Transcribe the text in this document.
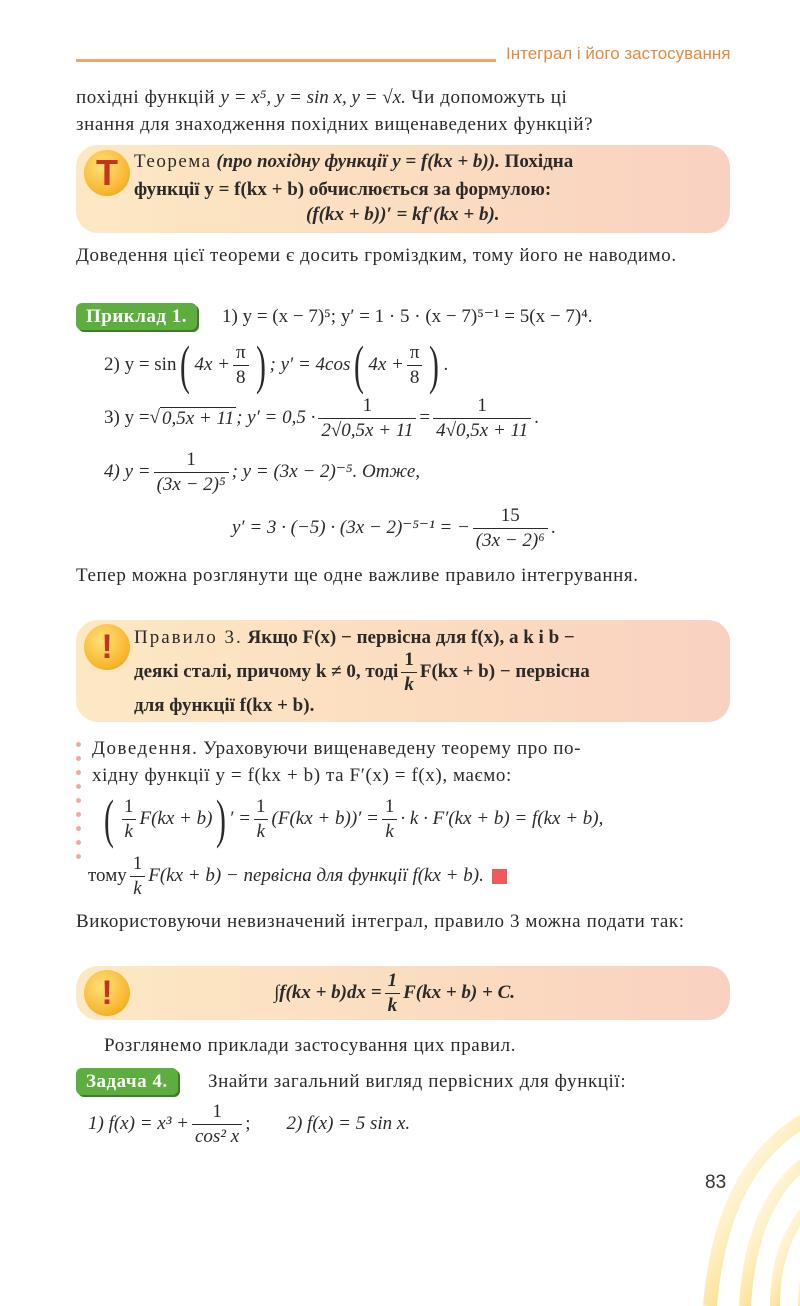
Інтеграл і його застосування
похідні функцій y = x⁵, y = sin x, y = √x. Чи допоможуть ці
знання для знаходження похідних вищенаведених функцій?
T Теорема (про похідну функції y = f(kx + b)). Похідна
функції y = f(kx + b) обчислюється за формулою:
(f(kx + b))′ = kf′(kx + b).
Доведення цієї теореми є досить громіздким, тому його не наводимо.
Приклад 1.	1) y = (x − 7)⁵; y′ = 1 · 5 · (x − 7)⁵⁻¹ = 5(x − 7)⁴.
2) y = sin ( $4x + \frac{\pi}{8}$ ) ; y′ = 4cos ( $4x + \frac{\pi}{8}$ ) .
3) y = √ 0,5x + 11 ; $y' = 0,5 \cdot \frac{1}{2√0,5x + 11} = \frac{1}{4√0,5x + 11}$ .
4) $y = \frac{1}{\text{(3x − 2)⁵}}$ ; y = (3x − 2)⁻⁵. Отже,
y′ = 3 · (−5) · (3x − 2)⁻⁵⁻¹ = − $\frac{15}{\text{(3x − 2)⁶}}$ .
Тепер можна розглянути ще одне важливе правило інтегрування.
!	Правило 3. Якщо F(x) − первісна для f(x), а k і b −
деякі сталі, причому k ≠ 0, тоді $\frac{1}{k} F(kx + b)$ − первісна
для функції f(kx + b).
Доведення. Ураховуючи вищенаведену теорему про по-
хідну функції y = f(kx + b) та F′(x) = f(x), маємо:
( $\frac{1}{k} F(kx + b)$ ) ′ = $\frac{1}{k} (F(kx + b))' = \frac{1}{k} \cdot k \cdot F'(kx + b) = f(kx + b)$,
тому $\frac{1}{k} F(kx + b)$ − первісна для функції f(kx + b).
Використовуючи невизначений інтеграл, правило 3 можна подати так:
!	$\int f(kx + b)dx = \frac{1}{k} F(kx + b) + C$.
Розглянемо приклади застосування цих правил.
Задача 4.	Знайти загальний вигляд первісних для функції:
1) $f(x) = x^3 + \frac{1}{\text{cos² x}}$ ; 2) f(x) = 5 sin x.
83
